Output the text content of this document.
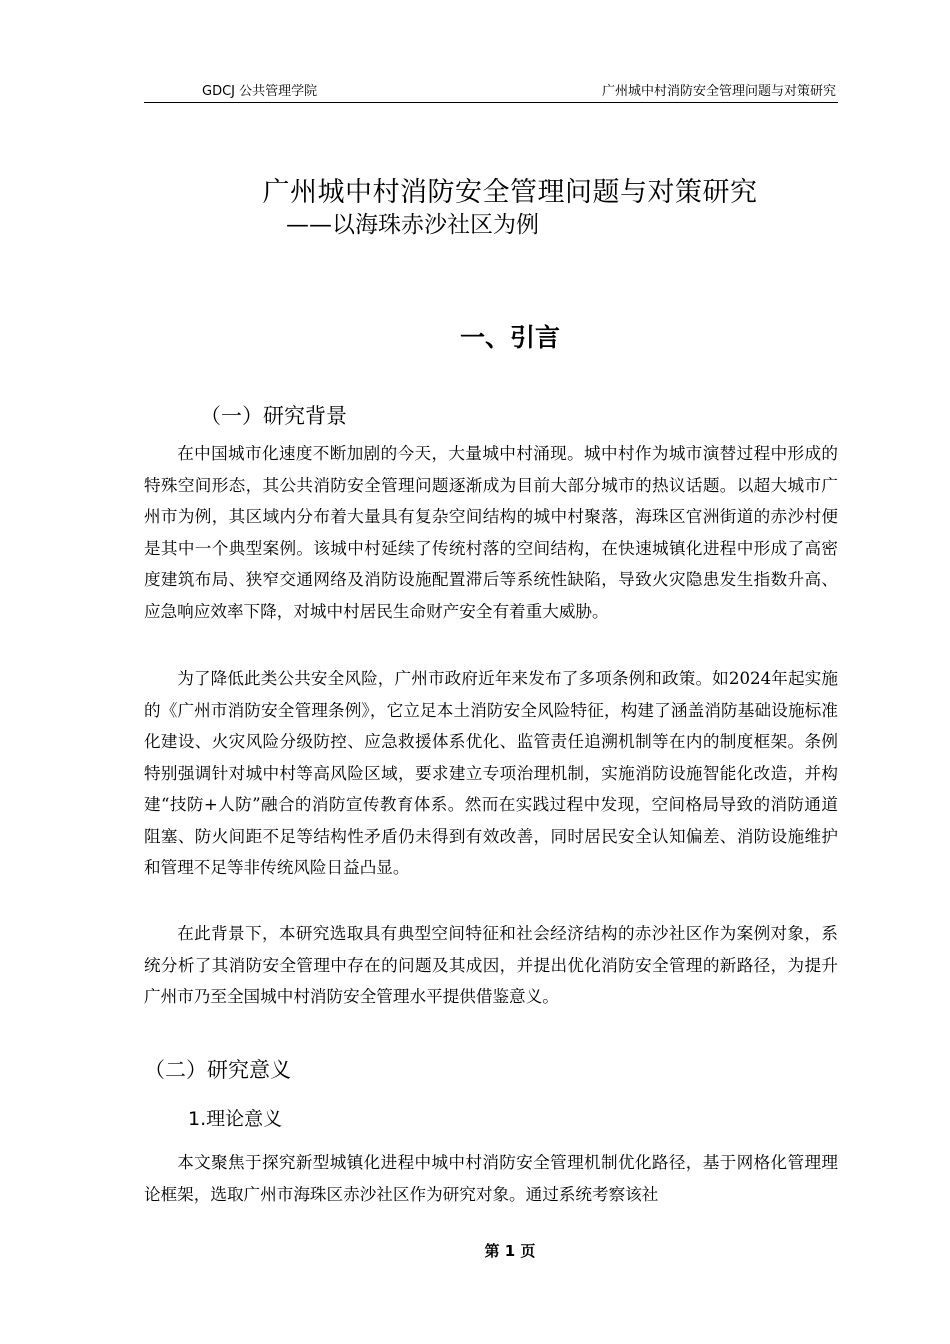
GDCJ 公共管理学院	广州城中村消防安全管理问题与对策研究
广州城中村消防安全管理问题与对策研究
——以海珠赤沙社区为例
一、引言
（一）研究背景

在中国城市化速度不断加剧的今天，大量城中村涌现。城中村作为城市演替过程中形成的特殊空间形态，其公共消防安全管理问题逐渐成为目前大部分城市的热议话题。以超大城市广州市为例，其区域内分布着大量具有复杂空间结构的城中村聚落，海珠区官洲街道的赤沙村便是其中一个典型案例。该城中村延续了传统村落的空间结构，在快速城镇化进程中形成了高密度建筑布局、狭窄交通网络及消防设施配置滞后等系统性缺陷，导致火灾隐患发生指数升高、应急响应效率下降，对城中村居民生命财产安全有着重大威胁。

为了降低此类公共安全风险，广州市政府近年来发布了多项条例和政策。如2024年起实施的《广州市消防安全管理条例》，它立足本土消防安全风险特征，构建了涵盖消防基础设施标准化建设、火灾风险分级防控、应急救援体系优化、监管责任追溯机制等在内的制度框架。条例特别强调针对城中村等高风险区域，要求建立专项治理机制，实施消防设施智能化改造，并构建“技防+人防”融合的消防宣传教育体系。然而在实践过程中发现，空间格局导致的消防通道阻塞、防火间距不足等结构性矛盾仍未得到有效改善，同时居民安全认知偏差、消防设施维护和管理不足等非传统风险日益凸显。

在此背景下，本研究选取具有典型空间特征和社会经济结构的赤沙社区作为案例对象，系统分析了其消防安全管理中存在的问题及其成因，并提出优化消防安全管理的新路径，为提升广州市乃至全国城中村消防安全管理水平提供借鉴意义。

（二）研究意义
1.理论意义

本文聚焦于探究新型城镇化进程中城中村消防安全管理机制优化路径，基于网格化管理理论框架，选取广州市海珠区赤沙社区作为研究对象。通过系统考察该社

第 1 页
